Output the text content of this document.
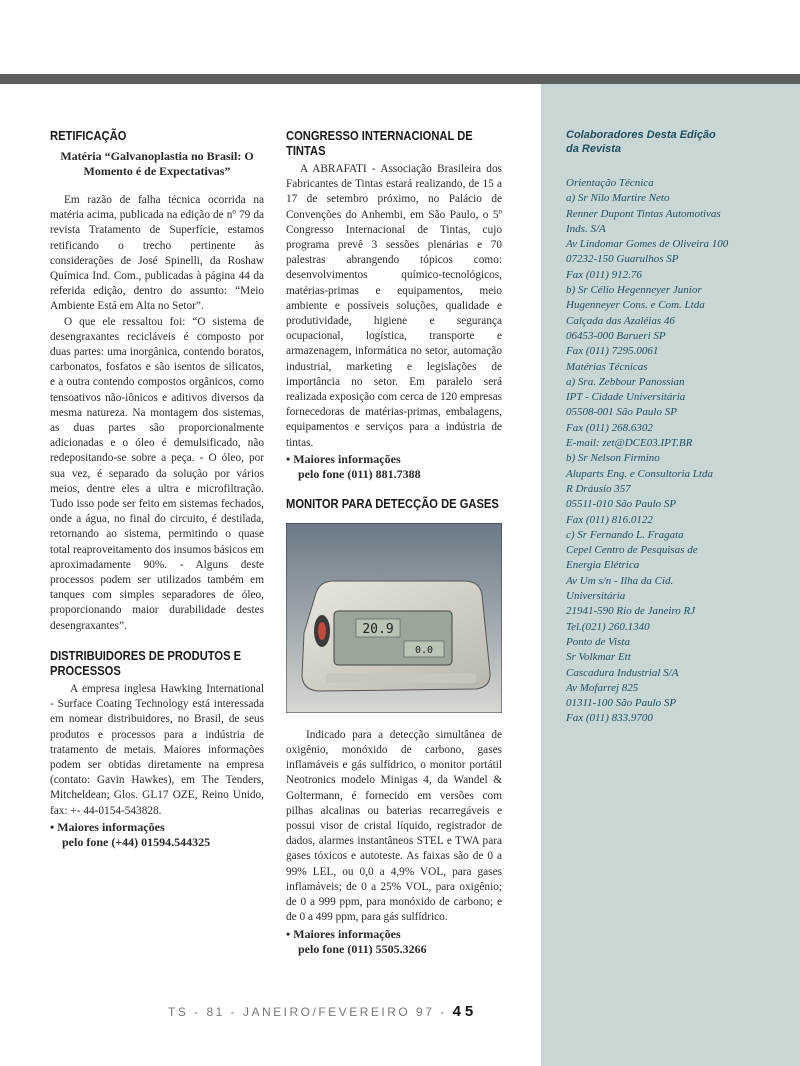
RETIFICAÇÃO
Matéria “Galvanoplastia no Brasil: O Momento é de Expectativas”

Em razão de falha técnica ocorrida na matéria acima, publicada na edição de nº 79 da revista Tratamento de Superfície, estamos retificando o trecho pertinente às considerações de José Spinelli, da Roshaw Química Ind. Com., publicadas à página 44 da referida edição, dentro do assunto: “Meio Ambiente Está em Alta no Setor”.

O que ele ressaltou foi: “O sistema de desengraxantes recicláveis é composto por duas partes: uma inorgânica, contendo boratos, carbonatos, fosfatos e são isentos de silicatos, e a outra contendo compostos orgânicos, como tensoativos não-iônicos e aditivos diversos da mesma natureza. Na montagem dos sistemas, as duas partes são proporcionalmente adicionadas e o óleo é demulsificado, não redepositando-se sobre a peça. - O óleo, por sua vez, é separado da solução por vários meios, dentre eles a ultra e microfiltração. Tudo isso pode ser feito em sistemas fechados, onde a água, no final do circuito, é destilada, retornando ao sistema, permitindo o quase total reaproveitamento dos insumos básicos em aproximadamente 90%. - Alguns deste processos podem ser utilizados também em tanques com simples separadores de óleo, proporcionando maior durabilidade destes desengraxantes”.

DISTRIBUIDORES DE PRODUTOS E PROCESSOS

A empresa inglesa Hawking International - Surface Coating Technology está interessada em nomear distribuidores, no Brasil, de seus produtos e processos para a indústria de tratamento de metais. Maiores informações podem ser obtidas diretamente na empresa (contato: Gavin Hawkes), em The Tenders, Mitcheldean; Glos. GL17 OZE, Reino Unido, fax: +- 44-0154-543828.

• Maiores informações
pelo fone (+44) 01594.544325
CONGRESSO INTERNACIONAL DE TINTAS

A ABRAFATI - Associação Brasileira dos Fabricantes de Tintas estará realizando, de 15 a 17 de setembro próximo, no Palácio de Convenções do Anhembi, em São Paulo, o 5º Congresso Internacional de Tintas, cujo programa prevê 3 sessões plenárias e 70 palestras abrangendo tópicos como: desenvolvimentos químico-tecnológicos, matérias-primas e equipamentos, meio ambiente e possíveis soluções, qualidade e produtividade, higiene e segurança ocupacional, logística, transporte e armazenagem, informática no setor, automação industrial, marketing e legislações de importância no setor. Em paralelo será realizada exposição com cerca de 120 empresas fornecedoras de matérias-primas, embalagens, equipamentos e serviços para a indústria de tintas.

• Maiores informações
pelo fone (011) 881.7388
MONITOR PARA DETECÇÃO DE GASES
20.9
0.0

Indicado para a detecção simultânea de oxigênio, monóxido de carbono, gases inflamáveis e gás sulfídrico, o monitor portátil Neotronics modelo Minigas 4, da Wandel & Goltermann, é fornecido em versões com pilhas alcalinas ou baterias recarregáveis e possui visor de cristal líquido, registrador de dados, alarmes instantâneos STEL e TWA para gases tóxicos e autoteste. As faixas são de 0 a 99% LEL, ou 0,0 a 4,9% VOL, para gases inflamáveis; de 0 a 25% VOL, para oxigênio; de 0 a 999 ppm, para monóxido de carbono; e de 0 a 499 ppm, para gás sulfídrico.

• Maiores informações
pelo fone (011) 5505.3266
Colaboradores Desta Edição
da Revista

Orientação Técnica

a) Sr Nilo Martire Neto

Renner Dupont Tintas Automotivas

Inds. S/A

Av Lindomar Gomes de Oliveira 100

07232-150 Guarulhos SP

Fax (011) 912.76

b) Sr Célio Hegenneyer Junior

Hugenneyer Cons. e Com. Ltda

Calçada das Azaléias 46

06453-000 Barueri SP

Fax (011) 7295.0061

Matérias Técnicas

a) Sra. Zebbour Panossian

IPT - Cidade Universitária

05508-001 São Paulo SP

Fax (011) 268.6302

E-mail: zet@DCE03.IPT.BR

b) Sr Nelson Firmino

Aluparts Eng. e Consultoria Ltda

R Dráusio 357

05511-010 São Paulo SP

Fax (011) 816.0122

c) Sr Fernando L. Fragata

Cepel Centro de Pesquisas de

Energia Elétrica

Av Um s/n - Ilha da Cid.

Universitária

21941-590 Rio de Janeiro RJ

Tel.(021) 260.1340

Ponto de Vista

Sr Volkmar Ett

Cascadura Industrial S/A

Av Mofarrej 825

01311-100 São Paulo SP

Fax (011) 833.9700

TS - 81 - JANEIRO/FEVEREIRO 97 - 45
